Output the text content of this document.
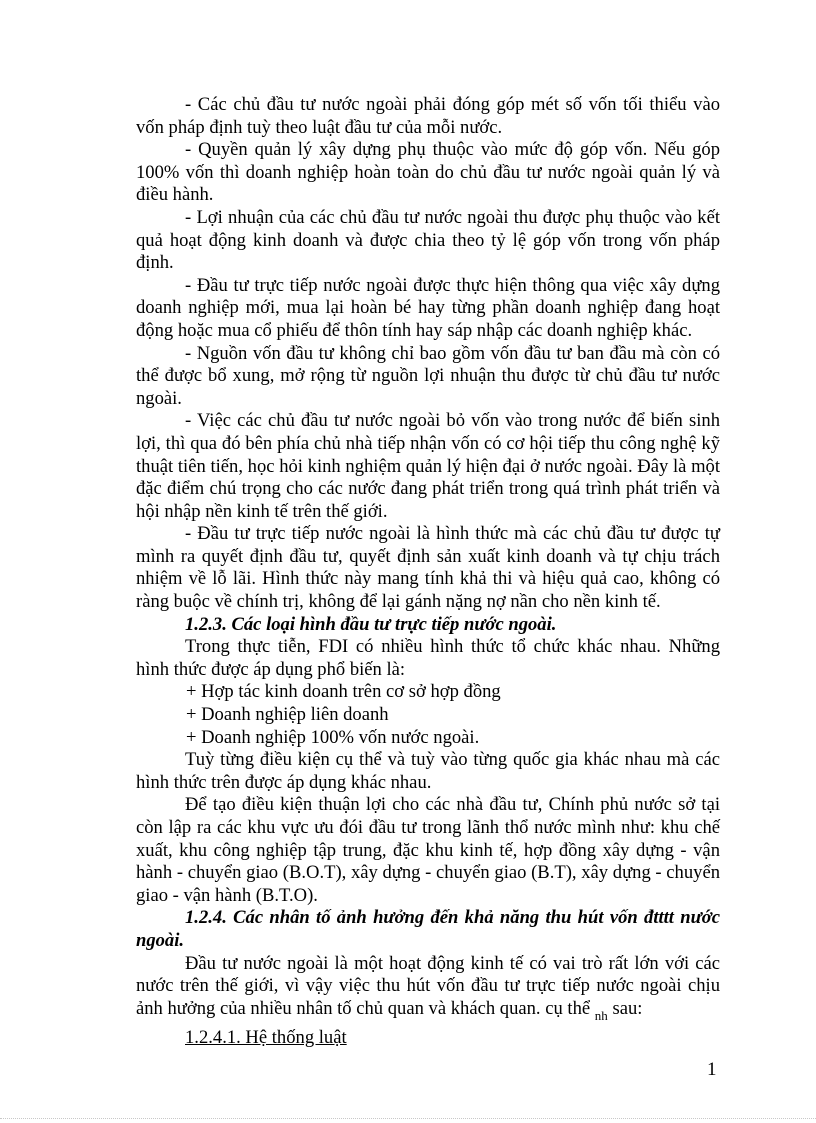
- Các chủ đầu tư nước ngoài phải đóng góp mét số vốn tối thiểu vào vốn pháp định tuỳ theo luật đầu tư của mỗi nước.

- Quyền quản lý xây dựng phụ thuộc vào mức độ góp vốn. Nếu góp 100% vốn thì doanh nghiệp hoàn toàn do chủ đầu tư nước ngoài quản lý và điều hành.

- Lợi nhuận của các chủ đầu tư nước ngoài thu được phụ thuộc vào kết quả hoạt động kinh doanh và được chia theo tỷ lệ góp vốn trong vốn pháp định.

- Đầu tư trực tiếp nước ngoài được thực hiện thông qua việc xây dựng doanh nghiệp mới, mua lại hoàn bé hay từng phần doanh nghiệp đang hoạt động hoặc mua cổ phiếu để thôn tính hay sáp nhập các doanh nghiệp khác.

- Nguồn vốn đầu tư không chỉ bao gồm vốn đầu tư ban đầu mà còn có thể được bổ xung, mở rộng từ nguồn lợi nhuận thu được từ chủ đầu tư nước ngoài.

- Việc các chủ đầu tư nước ngoài bỏ vốn vào trong nước để biến sinh lợi, thì qua đó bên phía chủ nhà tiếp nhận vốn có cơ hội tiếp thu công nghệ kỹ thuật tiên tiến, học hỏi kinh nghiệm quản lý hiện đại ở nước ngoài. Đây là một đặc điểm chú trọng cho các nước đang phát triển trong quá trình phát triển và hội nhập nền kinh tế trên thế giới.

- Đầu tư trực tiếp nước ngoài là hình thức mà các chủ đầu tư được tự mình ra quyết định đầu tư, quyết định sản xuất kinh doanh và tự chịu trách nhiệm về lỗ lãi. Hình thức này mang tính khả thi và hiệu quả cao, không có ràng buộc về chính trị, không để lại gánh nặng nợ nần cho nền kinh tế.

1.2.3. Các loại hình đầu tư trực tiếp nước ngoài.

Trong thực tiễn, FDI có nhiều hình thức tổ chức khác nhau. Những hình thức được áp dụng phổ biến là:

+ Hợp tác kinh doanh trên cơ sở hợp đồng

+ Doanh nghiệp liên doanh

+ Doanh nghiệp 100% vốn nước ngoài.

Tuỳ từng điều kiện cụ thể và tuỳ vào từng quốc gia khác nhau mà các hình thức trên được áp dụng khác nhau.

Để tạo điều kiện thuận lợi cho các nhà đầu tư, Chính phủ nước sở tại còn lập ra các khu vực ưu đói đầu tư trong lãnh thổ nước mình như: khu chế xuất, khu công nghiệp tập trung, đặc khu kinh tế, hợp đồng xây dựng - vận hành - chuyển giao (B.O.T), xây dựng - chuyển giao (B.T), xây dựng - chuyển giao - vận hành (B.T.O).

1.2.4. Các nhân tố ảnh hưởng đến khả năng thu hút vốn đtttt nước ngoài.

Đầu tư nước ngoài là một hoạt động kinh tế có vai trò rất lớn với các nước trên thế giới, vì vậy việc thu hút vốn đầu tư trực tiếp nước ngoài chịu ảnh hưởng của nhiều nhân tố chủ quan và khách quan. cụ thể $_{nh}$ sau:

1.2.4.1. Hệ thống luật

1
